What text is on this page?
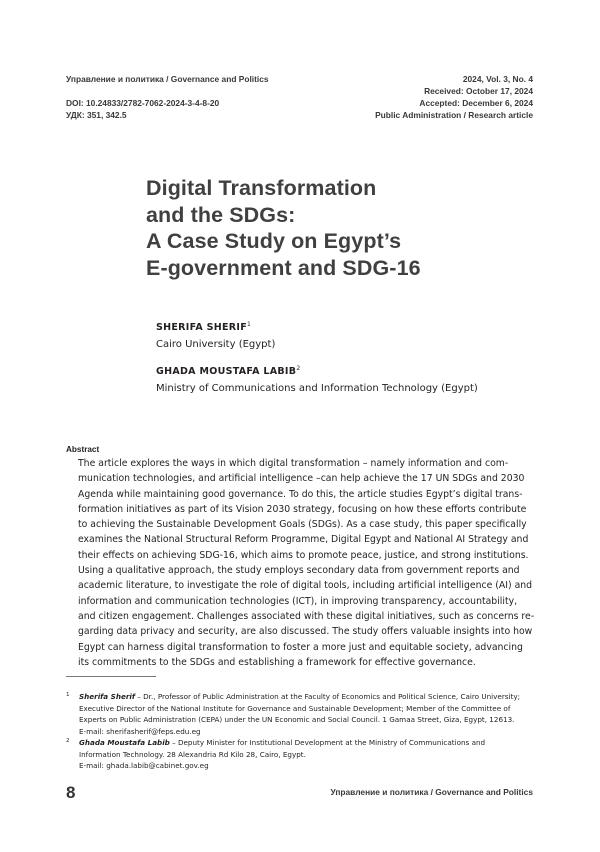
Управление и политика / Governance and Politics
DOI: 10.24833/2782-7062-2024-3-4-8-20
УДК: 351, 342.5
2024, Vol. 3, No. 4
Received: October 17, 2024
Accepted: December 6, 2024
Public Administration / Research article
Digital Transformation
and the SDGs:
A Case Study on Egypt’s
E-government and SDG-16
SHERIFA SHERIF$^1$
Cairo University (Egypt)
GHADA MOUSTAFA LABIB$^2$
Ministry of Communications and Information Technology (Egypt)
Abstract
The article explores the ways in which digital transformation – namely information and com-
munication technologies, and artificial intelligence –can help achieve the 17 UN SDGs and 2030
Agenda while maintaining good governance. To do this, the article studies Egypt’s digital trans-
formation initiatives as part of its Vision 2030 strategy, focusing on how these efforts contribute
to achieving the Sustainable Development Goals (SDGs). As a case study, this paper specifically
examines the National Structural Reform Programme, Digital Egypt and National AI Strategy and
their effects on achieving SDG-16, which aims to promote peace, justice, and strong institutions.
Using a qualitative approach, the study employs secondary data from government reports and
academic literature, to investigate the role of digital tools, including artificial intelligence (AI) and
information and communication technologies (ICT), in improving transparency, accountability,
and citizen engagement. Challenges associated with these digital initiatives, such as concerns re-
garding data privacy and security, are also discussed. The study offers valuable insights into how
Egypt can harness digital transformation to foster a more just and equitable society, advancing
its commitments to the SDGs and establishing a framework for effective governance.
1 Sherifa Sherif – Dr., Professor of Public Administration at the Faculty of Economics and Political Science, Cairo University;
Executive Director of the National Institute for Governance and Sustainable Development; Member of the Committee of
Experts on Public Administration (CEPA) under the UN Economic and Social Council. 1 Gamaa Street, Giza, Egypt, 12613.
E-mail: sherifasherif@feps.edu.eg
2 Ghada Moustafa Labib – Deputy Minister for Institutional Development at the Ministry of Communications and
Information Technology. 28 Alexandria Rd Kilo 28, Cairo, Egypt.
E-mail: ghada.labib@cabinet.gov.eg
8	Управление и политика / Governance and Politics
